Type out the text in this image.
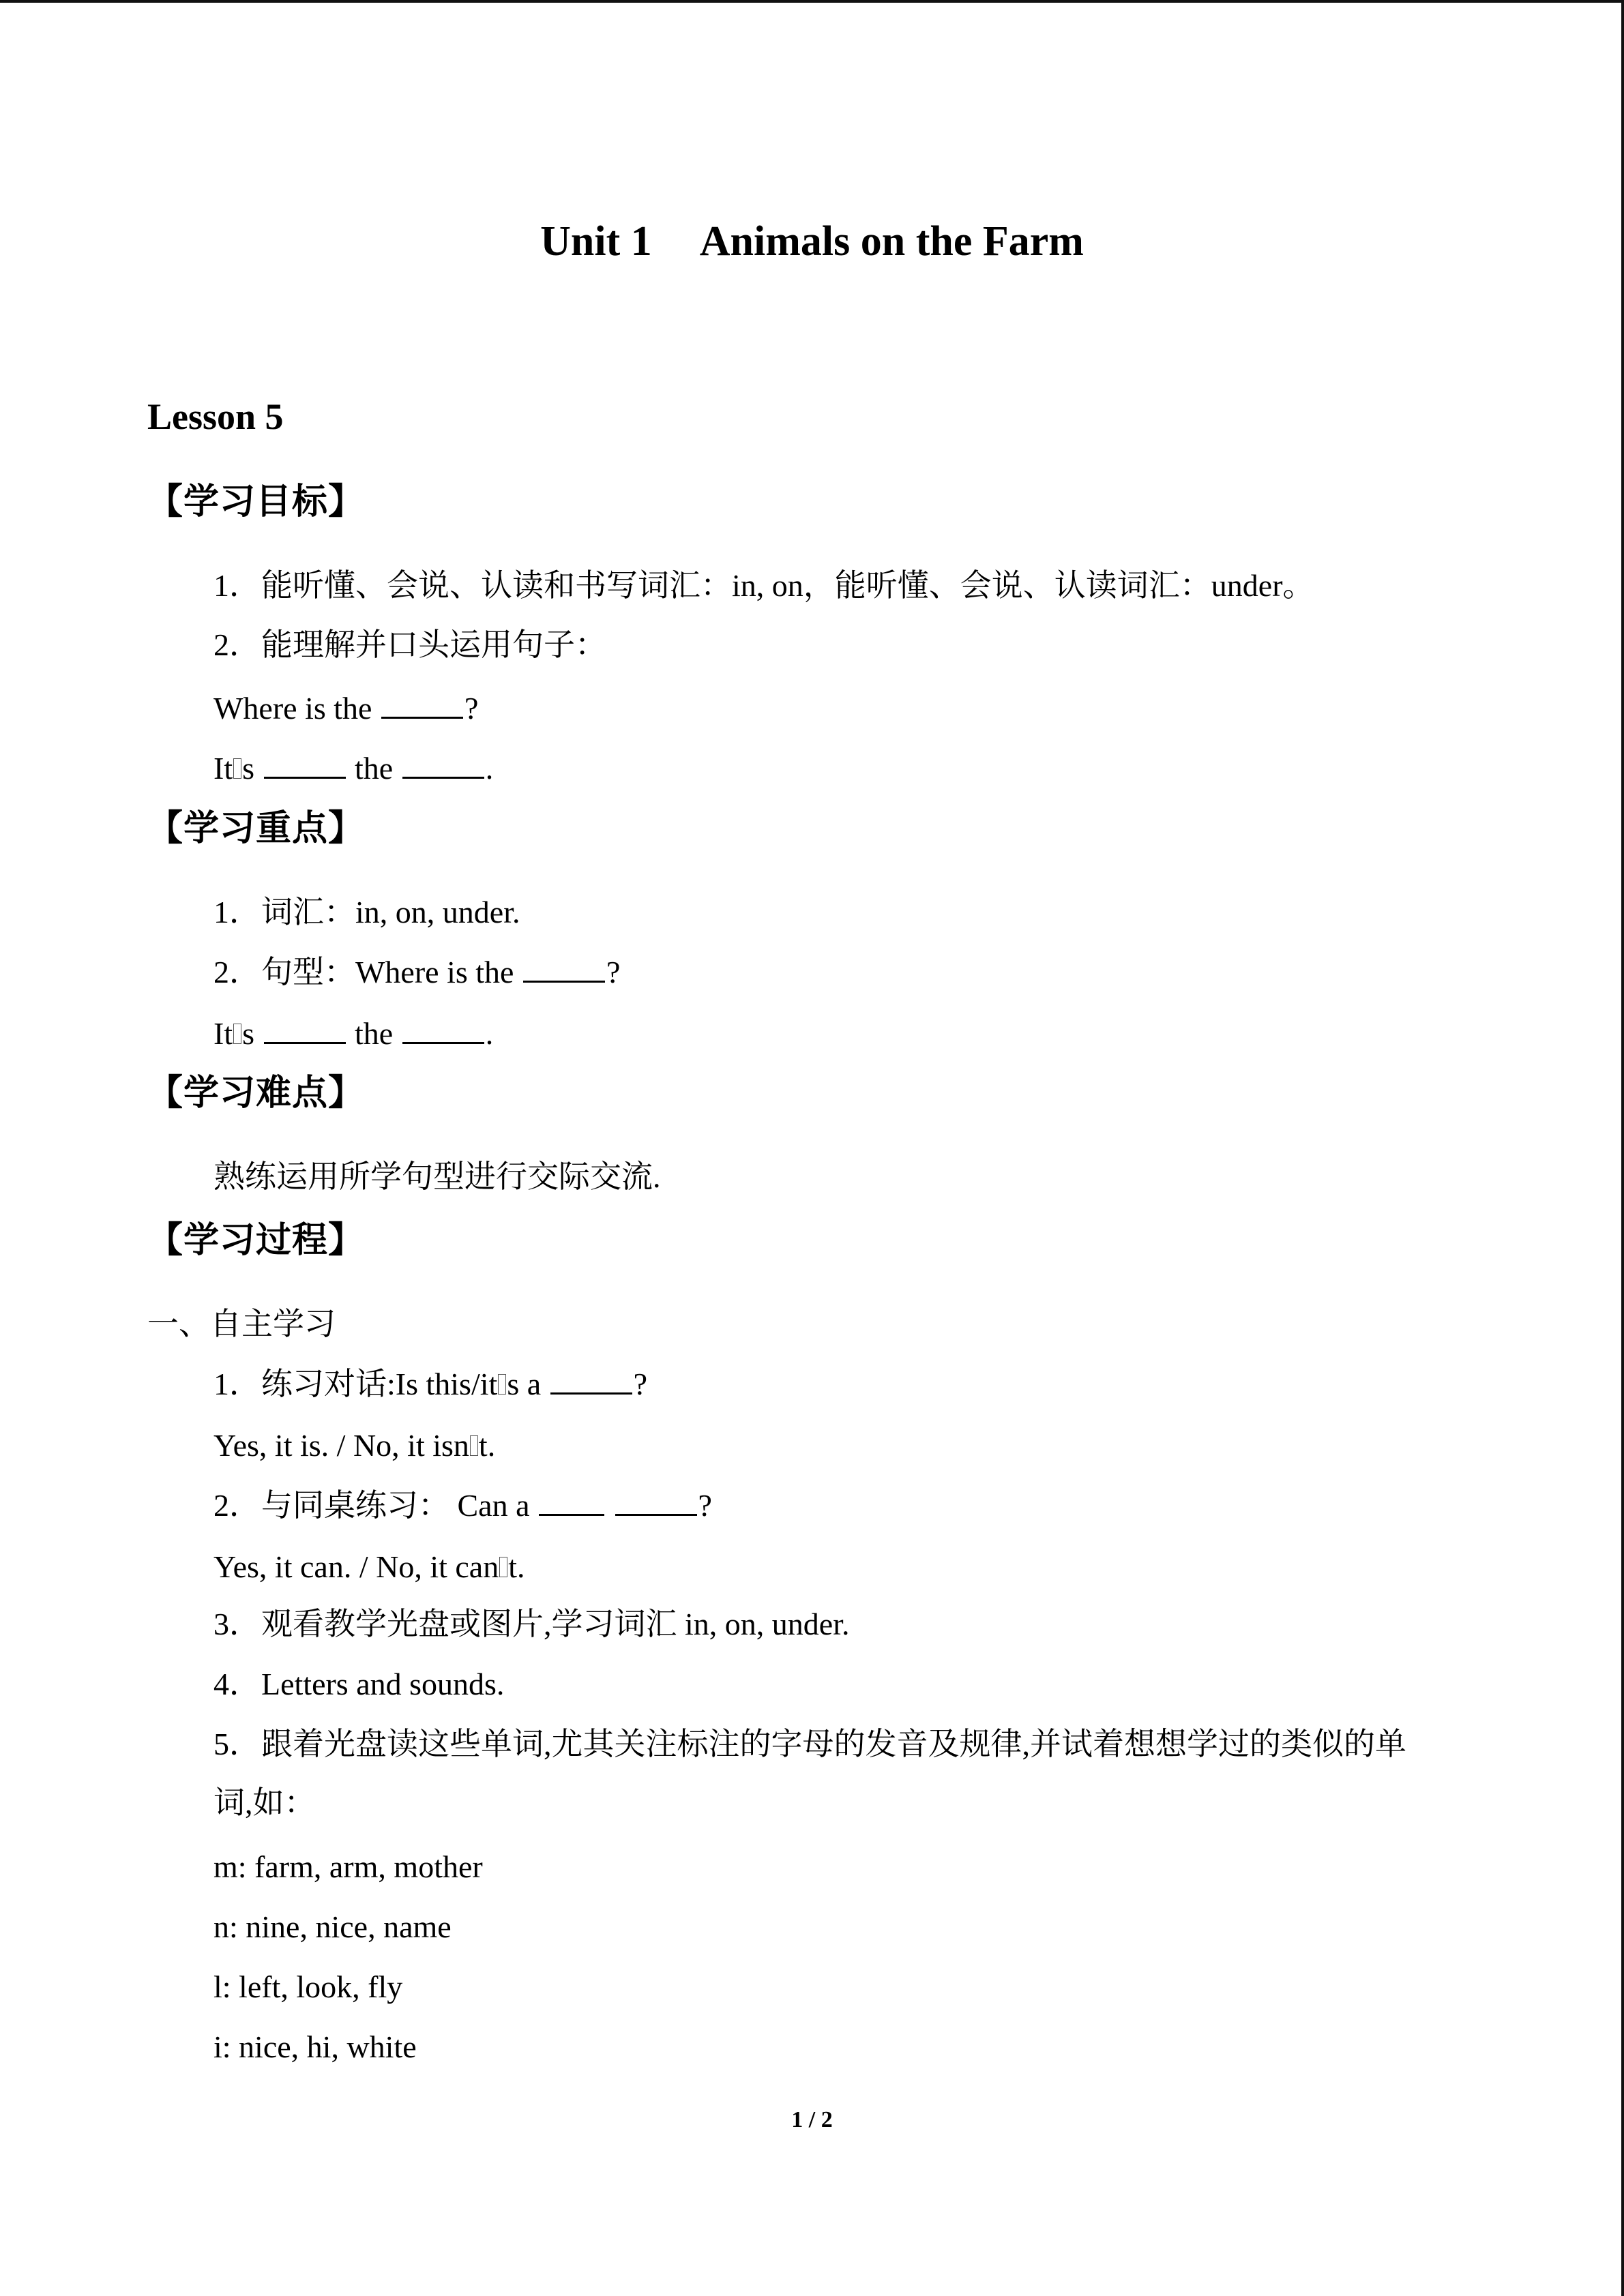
Unit 1 Animals on the Farm
Lesson 5
【学习目标】
1．能听懂、会说、认读和书写词汇：in, on，能听懂、会说、认读词汇：under。
2．能理解并口头运用句子：
Where is the	?
It s	the	.
【学习重点】
1．词汇：in, on, under.
2．句型：Where is the	?
It s	the	.
【学习难点】
熟练运用所学句型进行交际交流.
【学习过程】
一、自主学习
1．练习对话:Is this/it s a	?
Yes, it is. / No, it isn t.
2．与同桌练习： Can a	?
Yes, it can. / No, it can t.
3．观看教学光盘或图片,学习词汇 in, on, under.
4．Letters and sounds.
5．跟着光盘读这些单词,尤其关注标注的字母的发音及规律,并试着想想学过的类似的单
词,如：
m: farm, arm, mother
n: nine, nice, name
l: left, look, fly
i: nice, hi, white
1 / 2
